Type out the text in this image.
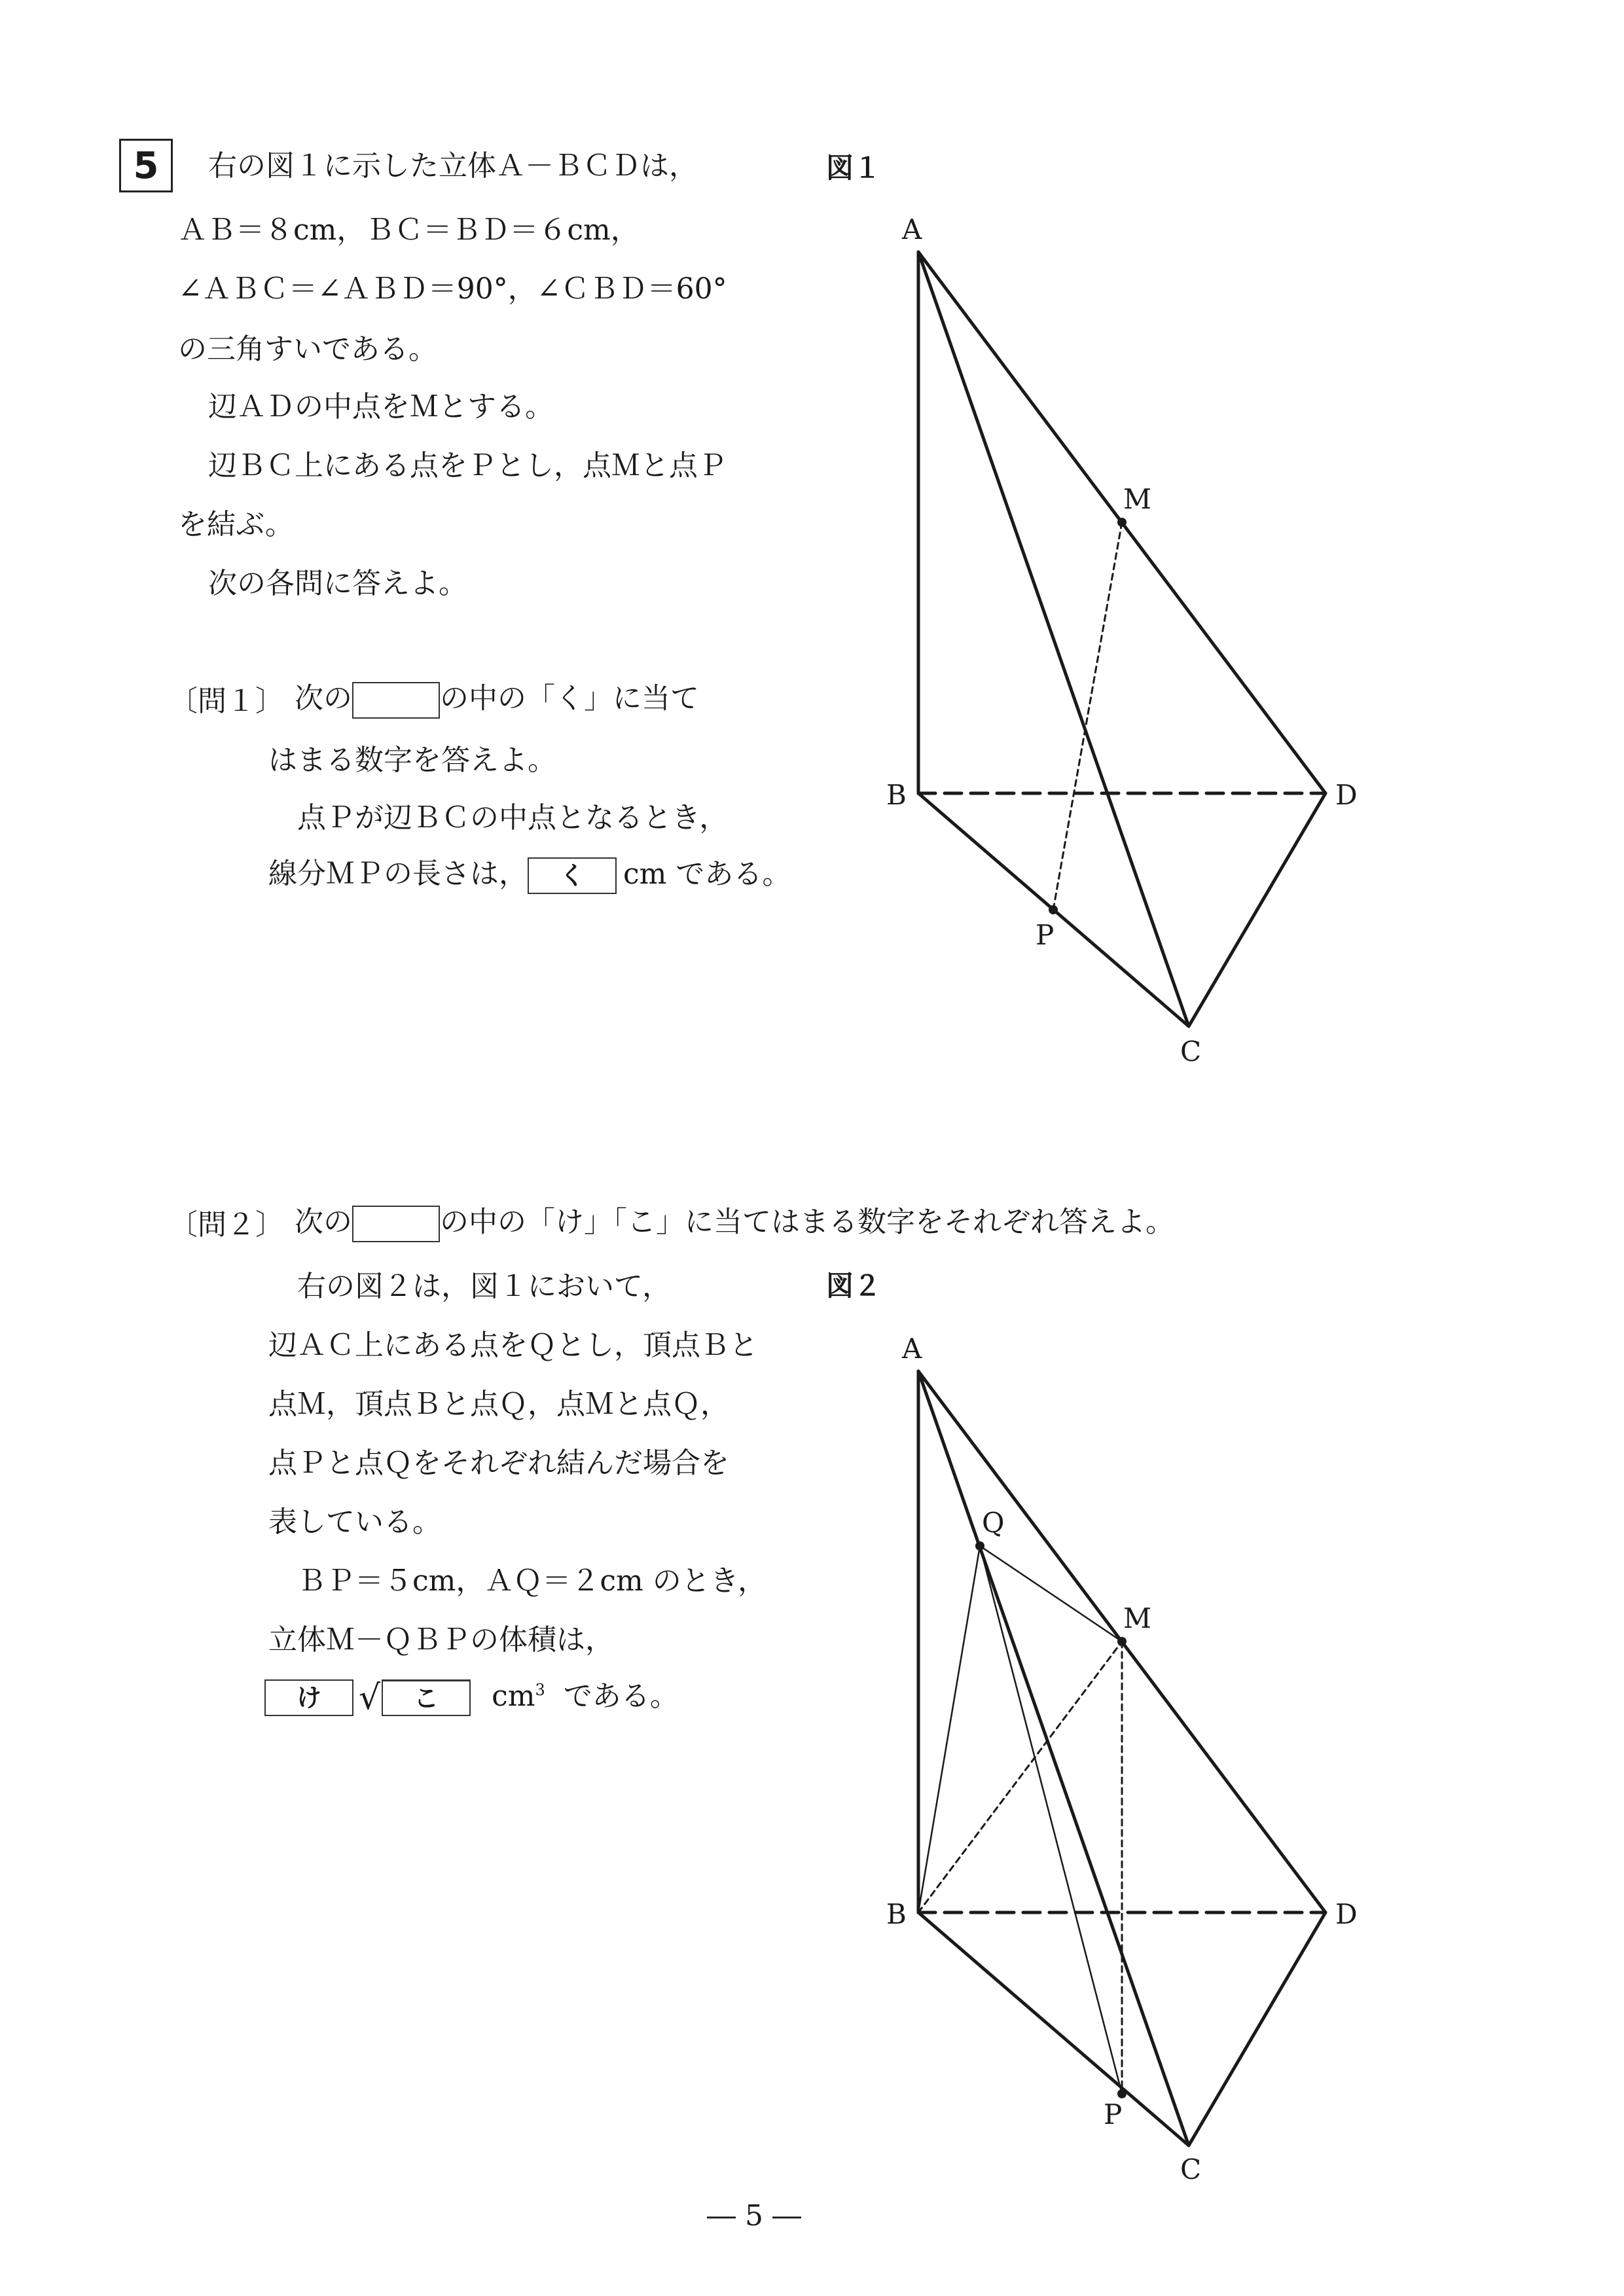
5	右の図１に示した立体Ａ－ＢＣＤは，
ＡＢ＝８cm，ＢＣ＝ＢＤ＝６cm，
∠ＡＢＣ＝∠ＡＢＤ＝90°，∠ＣＢＤ＝60°
の三角すいである。
辺ＡＤの中点をＭとする。
辺ＢＣ上にある点をＰとし，点Ｍと点Ｐ
を結ぶ。
次の各問に答えよ。
図１
〔問１〕 次の	の中の「く」に当て
はまる数字を答えよ。
点Ｐが辺ＢＣの中点となるとき，
線分ＭＰの長さは， く cm である。
〔問２〕 次の	の中の「け」「こ」に当てはまる数字をそれぞれ答えよ。
右の図２は，図１において，
辺ＡＣ上にある点をＱとし，頂点Ｂと
点Ｍ，頂点Ｂと点Ｑ，点Ｍと点Ｑ，
点Ｐと点Ｑをそれぞれ結んだ場合を
表している。
ＢＰ＝５cm，ＡＱ＝２cm のとき，
立体Ｍ－ＱＢＰの体積は，
け √ こ $cm^3$ である。
図２
A
B
C
D
M
P
A
B
C
D
M
P
Q
― 5 ―
